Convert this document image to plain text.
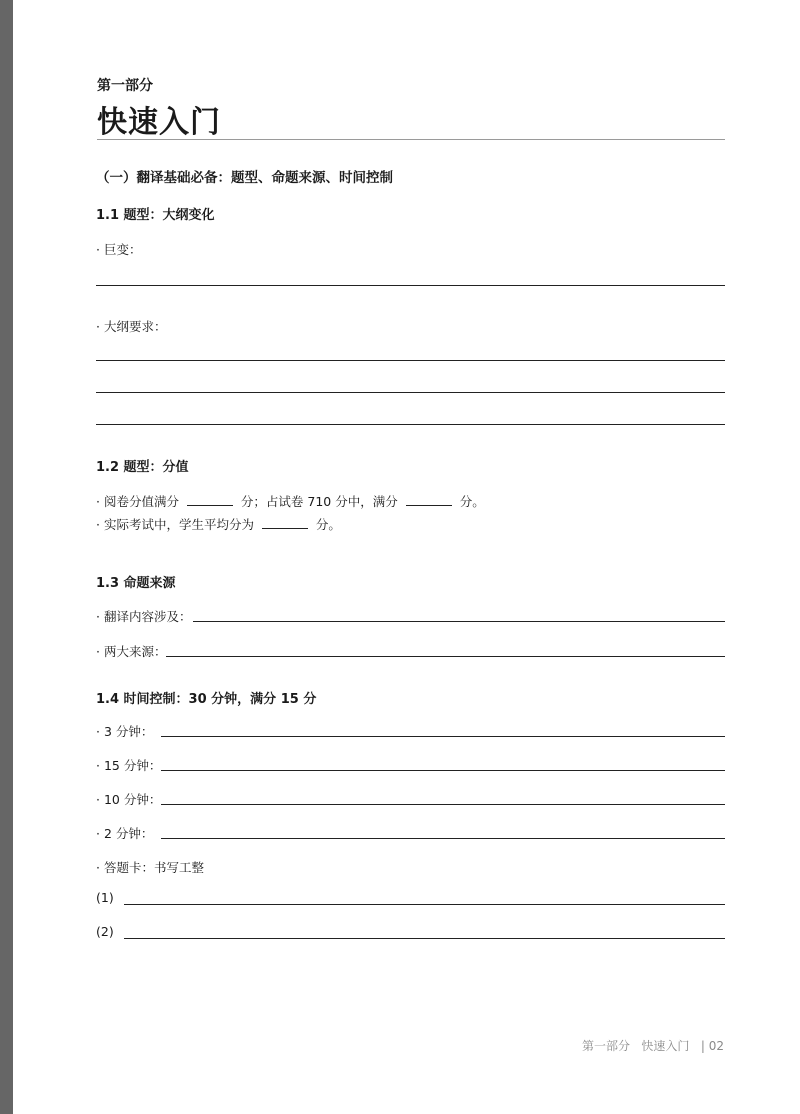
第一部分
快速入门
（一）翻译基础必备：题型、命题来源、时间控制
1.1 题型：大纲变化
· 巨变：
· 大纲要求：
1.2 题型：分值
· 阅卷分值满分	分；占试卷 710 分中，满分	分。
· 实际考试中，学生平均分为	分。
1.3 命题来源
· 翻译内容涉及：
· 两大来源：
1.4 时间控制：30 分钟，满分 15 分
· 3 分钟：
· 15 分钟：
· 10 分钟：
· 2 分钟：
· 答题卡：书写工整
(1)
(2)
第一部分   快速入门   | 02
